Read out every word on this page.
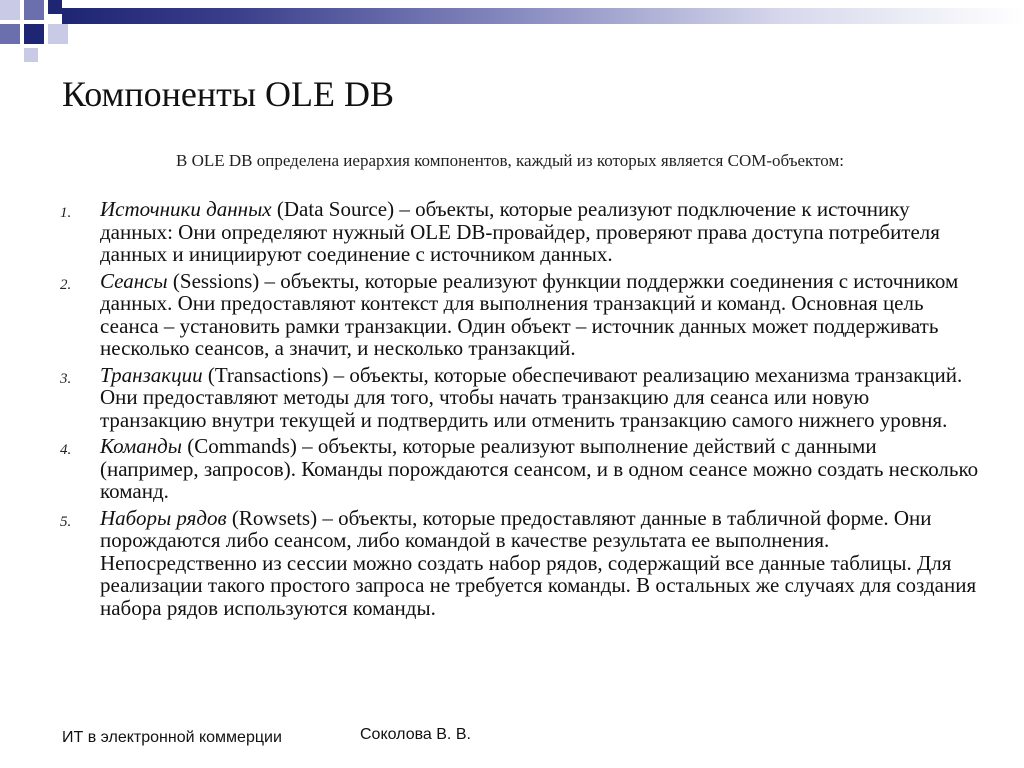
Компоненты OLE DB
В OLE DB определена иерархия компонентов, каждый из которых является СОМ-объектом:
1. Источники данных (Data Source) – объекты, которые реализуют подключение к источнику данных: Они определяют нужный OLE DB-провайдер, проверяют права доступа потребителя данных и инициируют соединение с источником данных.
2. Сеансы (Sessions) – объекты, которые реализуют функции поддержки соединения с источником данных. Они предоставляют контекст для выполнения транзакций и команд. Основная цель сеанса – установить рамки транзакции. Один объект – источник данных может поддерживать несколько сеансов, а значит, и несколько транзакций.
3. Транзакции (Transactions) – объекты, которые обеспечивают реализацию механизма транзакций. Они предоставляют методы для того, чтобы начать транзакцию для сеанса или новую транзакцию внутри текущей и подтвердить или отменить транзакцию самого нижнего уровня.
4. Команды (Commands) – объекты, которые реализуют выполнение действий с данными (например, запросов). Команды порождаются сеансом, и в одном сеансе можно создать несколько команд.
5. Наборы рядов (Rowsets) – объекты, которые предоставляют данные в табличной форме. Они порождаются либо сеансом, либо командой в качестве результата ее выполнения. Непосредственно из сессии можно создать набор рядов, содержащий все данные таблицы. Для реализации такого простого запроса не требуется команды. В остальных же случаях для создания набора рядов используются команды.
ИТ в электронной коммерции	Соколова В. В.
